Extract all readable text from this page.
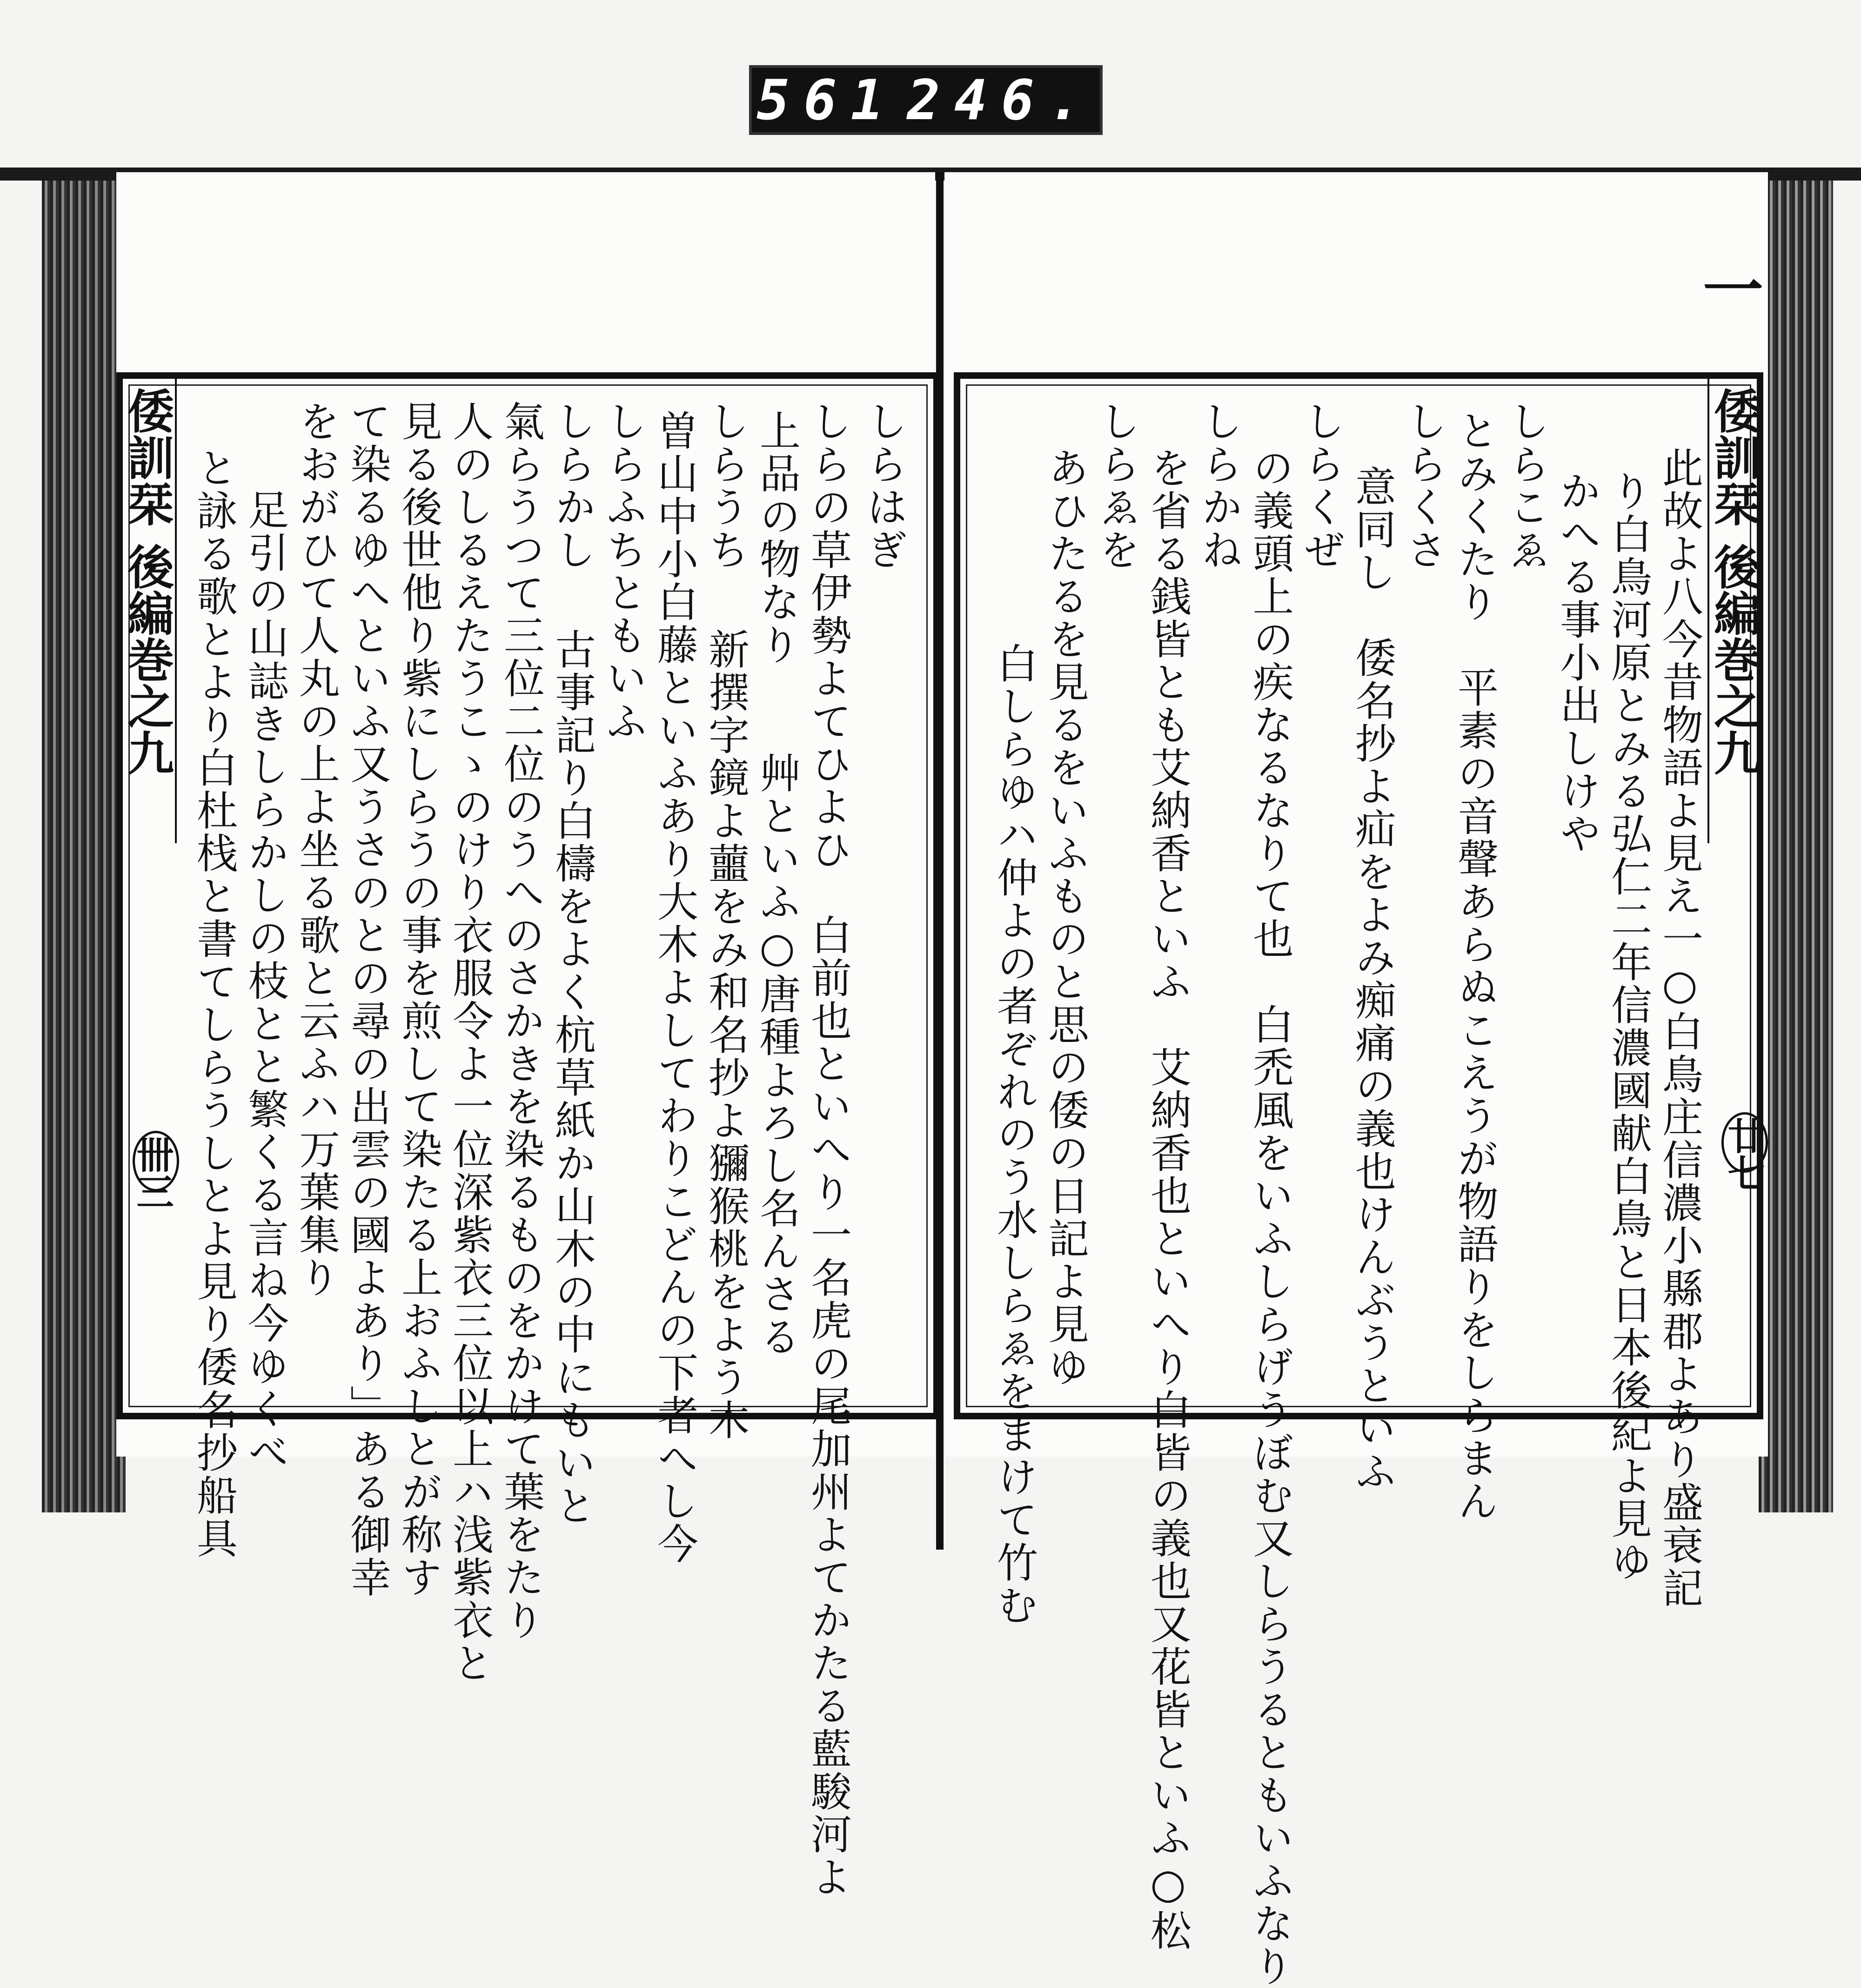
561 246.
倭訓栞 後編巻之九
卌三
しらはぎ
しらの草伊勢よてひよひ　白前也といへり一名虎の尾加州よてかたる藍駿河よ
上品の物なり　　艸といふ○唐種よろし名んさる
しらうち
新撰字鏡よ蘁をみ和名抄よ獼猴桃をよう木
曽山中小白藤といふあり大木よしてわりこどんの下者へし今
しらふちともいふ
しらかし
古事記り白檮をよく杭草紙か山木の中にもいと
氣らうつて三位二位のうへのさかきを染るものをかけて葉をたり
人のしるえたうこゝのけり衣服令よ一位深紫衣三位以上ハ浅紫衣と
見る後世他り紫にしらうの事を煎して染たる上おふしとが称す
て染るゆへといふ又うさのとの尋の出雲の國よあり」ある御幸
をおがひて人丸の上よ坐る歌と云ふハ万葉集り
足引の山誌きしらかしの枝とと繁くる言ね今ゆくべ
と詠る歌とより白杜栈と書てしらうしとよ見り倭名抄船具	倭訓栞 後編巻之九
廿七
一
此故よ八今昔物語よ見え一○白鳥庄信濃小縣郡よあり盛衰記
り白鳥河原とみる弘仁二年信濃國献白鳥と日本後紀よ見ゆ
かへる事小出しけや
しらこゑ
とみくたり　平素の音聲あらぬこえうが物語りをしらまん
しらくさ
意同し　倭名抄よ疝をよみ痴痛の義也けんぶうといふ
しらくぜ
の義頭上の疾なるなりて也　白禿風をいふしらげうぼむ又しらうるともいふなり
しらかね
を省る銭皆とも艾納香といふ　艾納香也といへり白皆の義也又花皆といふ○松
しらゑを
あひたるを見るをいふものと思の倭の日記よ見ゆ
白しらゆハ仲よの者ぞれのう水しらゑをまけて竹む
